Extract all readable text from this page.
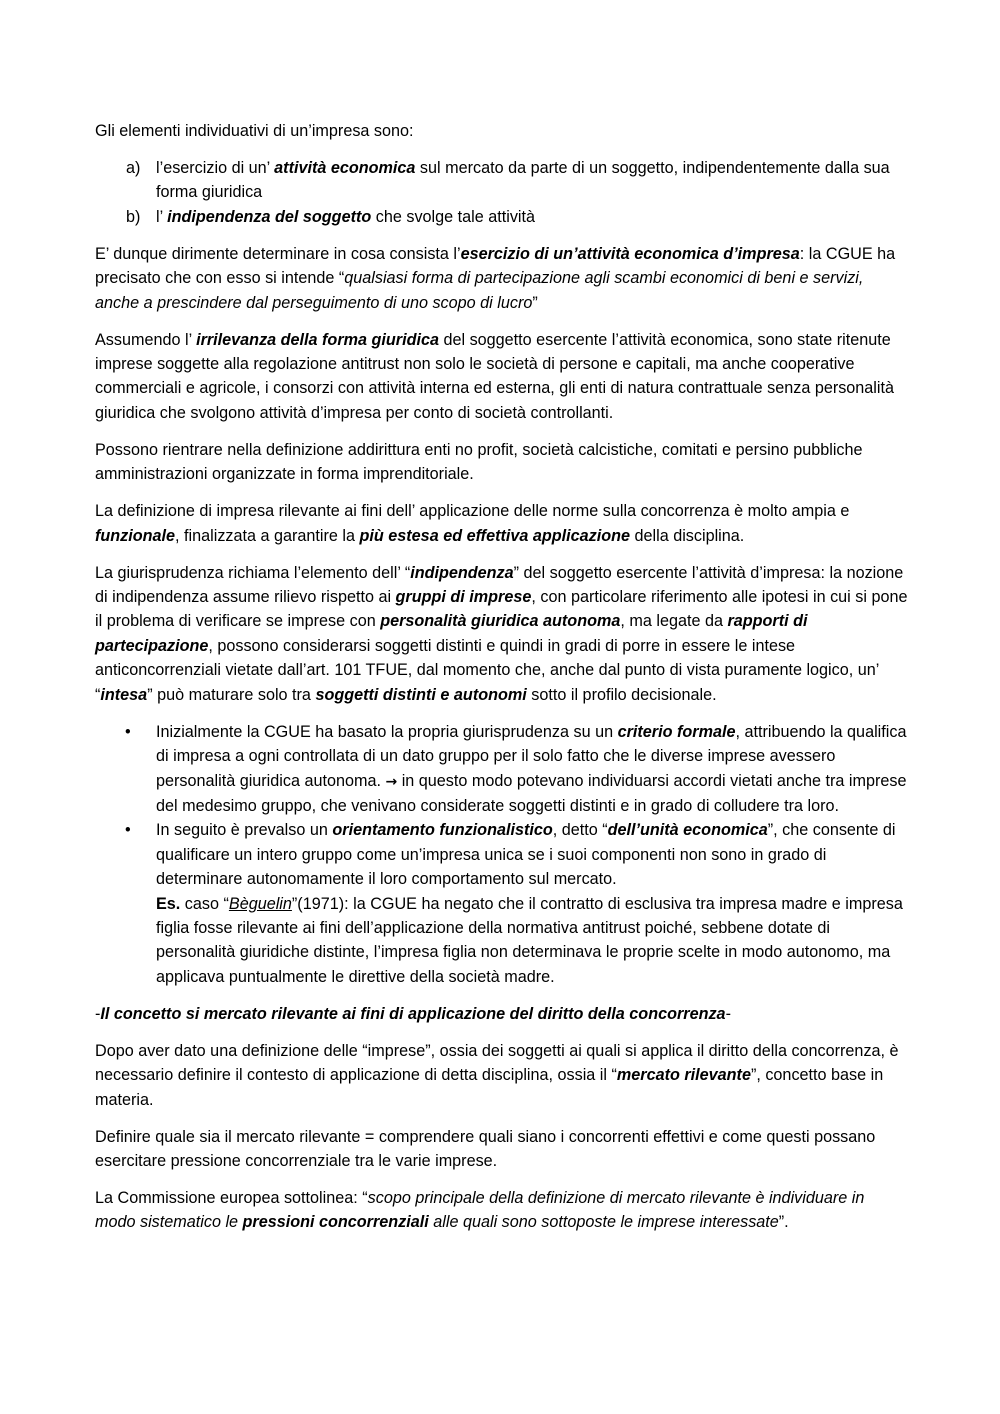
Gli elementi individuativi di un’impresa sono:

a) l’esercizio di un’ attività economica sul mercato da parte di un soggetto, indipendentemente dalla sua forma giuridica
b) l’ indipendenza del soggetto che svolge tale attività

E’ dunque dirimente determinare in cosa consista l’esercizio di un’attività economica d’impresa: la CGUE ha precisato che con esso si intende “qualsiasi forma di partecipazione agli scambi economici di beni e servizi, anche a prescindere dal perseguimento di uno scopo di lucro”

Assumendo l’ irrilevanza della forma giuridica del soggetto esercente l’attività economica, sono state ritenute imprese soggette alla regolazione antitrust non solo le società di persone e capitali, ma anche cooperative commerciali e agricole, i consorzi con attività interna ed esterna, gli enti di natura contrattuale senza personalità giuridica che svolgono attività d’impresa per conto di società controllanti.

Possono rientrare nella definizione addirittura enti no profit, società calcistiche, comitati e persino pubbliche amministrazioni organizzate in forma imprenditoriale.

La definizione di impresa rilevante ai fini dell’ applicazione delle norme sulla concorrenza è molto ampia e funzionale, finalizzata a garantire la più estesa ed effettiva applicazione della disciplina.

La giurisprudenza richiama l’elemento dell’ “indipendenza” del soggetto esercente l’attività d’impresa: la nozione di indipendenza assume rilievo rispetto ai gruppi di imprese, con particolare riferimento alle ipotesi in cui si pone il problema di verificare se imprese con personalità giuridica autonoma, ma legate da rapporti di partecipazione, possono considerarsi soggetti distinti e quindi in gradi di porre in essere le intese anticoncorrenziali vietate dall’art. 101 TFUE, dal momento che, anche dal punto di vista puramente logico, un’ “intesa” può maturare solo tra soggetti distinti e autonomi sotto il profilo decisionale.

•	Inizialmente la CGUE ha basato la propria giurisprudenza su un criterio formale, attribuendo la qualifica di impresa a ogni controllata di un dato gruppo per il solo fatto che le diverse imprese avessero personalità giuridica autonoma. → in questo modo potevano individuarsi accordi vietati anche tra imprese del medesimo gruppo, che venivano considerate soggetti distinti e in grado di colludere tra loro.
•	In seguito è prevalso un orientamento funzionalistico, detto “dell’unità economica”, che consente di qualificare un intero gruppo come un’impresa unica se i suoi componenti non sono in grado di determinare autonomamente il loro comportamento sul mercato.
Es. caso “Bèguelin”(1971): la CGUE ha negato che il contratto di esclusiva tra impresa madre e impresa figlia fosse rilevante ai fini dell’applicazione della normativa antitrust poiché, sebbene dotate di personalità giuridiche distinte, l’impresa figlia non determinava le proprie scelte in modo autonomo, ma applicava puntualmente le direttive della società madre.

-Il concetto si mercato rilevante ai fini di applicazione del diritto della concorrenza-

Dopo aver dato una definizione delle “imprese”, ossia dei soggetti ai quali si applica il diritto della concorrenza, è necessario definire il contesto di applicazione di detta disciplina, ossia il “mercato rilevante”, concetto base in materia.

Definire quale sia il mercato rilevante = comprendere quali siano i concorrenti effettivi e come questi possano esercitare pressione concorrenziale tra le varie imprese.

La Commissione europea sottolinea: “scopo principale della definizione di mercato rilevante è individuare in modo sistematico le pressioni concorrenziali alle quali sono sottoposte le imprese interessate”.
